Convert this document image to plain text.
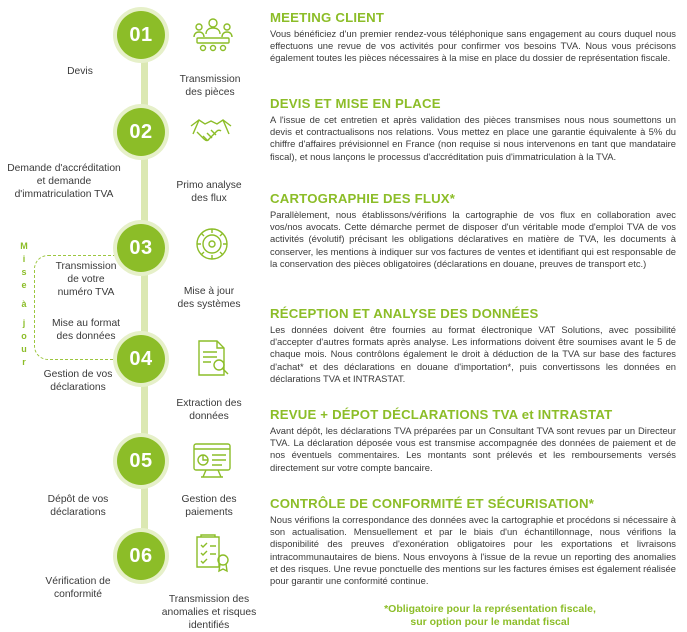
M
i
s
e

à

j
o
u
r
01
Devis
Transmission
des pièces
MEETING CLIENT
Vous bénéficiez d'un premier rendez-vous téléphonique sans engagement au cours duquel nous effectuons une revue de vos activités pour confirmer vos besoins TVA. Nous vous précisons également toutes les pièces nécessaires à la mise en place du dossier de représentation fiscale.
02
Demande d'accréditation
et demande
d'immatriculation TVA
Primo analyse
des flux
DEVIS ET MISE EN PLACE
A l'issue de cet entretien et après validation des pièces transmises nous nous soumettons un devis et contractualisons nos relations. Vous mettez en place une garantie équivalente à 5% du chiffre d'affaires prévisionnel en France (non requise si nous intervenons en tant que mandataire fiscal), et nous lançons le processus d'accréditation puis d'immatriculation à la TVA.
03
Transmission
de votre
numéro TVA
Mise au format
des données
Mise à jour
des systèmes
CARTOGRAPHIE DES FLUX*
Parallèlement, nous établissons/vérifions la cartographie de vos flux en collaboration avec vos/nos avocats. Cette démarche permet de disposer d'un véritable mode d'emploi TVA de vos activités (évolutif) précisant les obligations déclaratives en matière de TVA, les documents à conserver, les mentions à indiquer sur vos factures de ventes et identifiant qui est responsable de la conservation des pièces obligatoires (déclarations en douane, preuves de transport etc.)
04
Gestion de vos
déclarations
Extraction des
données
RÉCEPTION ET ANALYSE DES DONNÉES
Les données doivent être fournies au format électronique VAT Solutions, avec possibilité d'accepter d'autres formats après analyse. Les informations doivent être soumises avant le 5 de chaque mois. Nous contrôlons également le droit à déduction de la TVA sur base des factures d'achat* et des déclarations en douane d'importation*, puis convertissons les données en déclarations TVA et INTRASTAT.
05
Dépôt de vos
déclarations
Gestion des
paiements
REVUE + DÉPOT DÉCLARATIONS TVA et INTRASTAT
Avant dépôt, les déclarations TVA préparées par un Consultant TVA sont revues par un Directeur TVA. La déclaration déposée vous est transmise accompagnée des données de paiement et de nos éventuels commentaires. Les montants sont prélevés et les remboursements versés directement sur votre compte bancaire.
06
Vérification de
conformité	Transmission des
anomalies et risques
identifiés
CONTRÔLE DE CONFORMITÉ ET SÉCURISATION*
Nous vérifions la correspondance des données avec la cartographie et procédons si nécessaire à son actualisation. Mensuellement et par le biais d'un échantillonnage, nous vérifions la disponibilité des preuves d'exonération obligatoires pour les exportations et livraisons intracommunautaires de biens. Nous envoyons à l'issue de la revue un reporting des anomalies et des risques. Une revue ponctuelle des mentions sur les factures émises est également réalisée pour garantir une conformité continue.
*Obligatoire pour la représentation fiscale,
sur option pour le mandat fiscal
